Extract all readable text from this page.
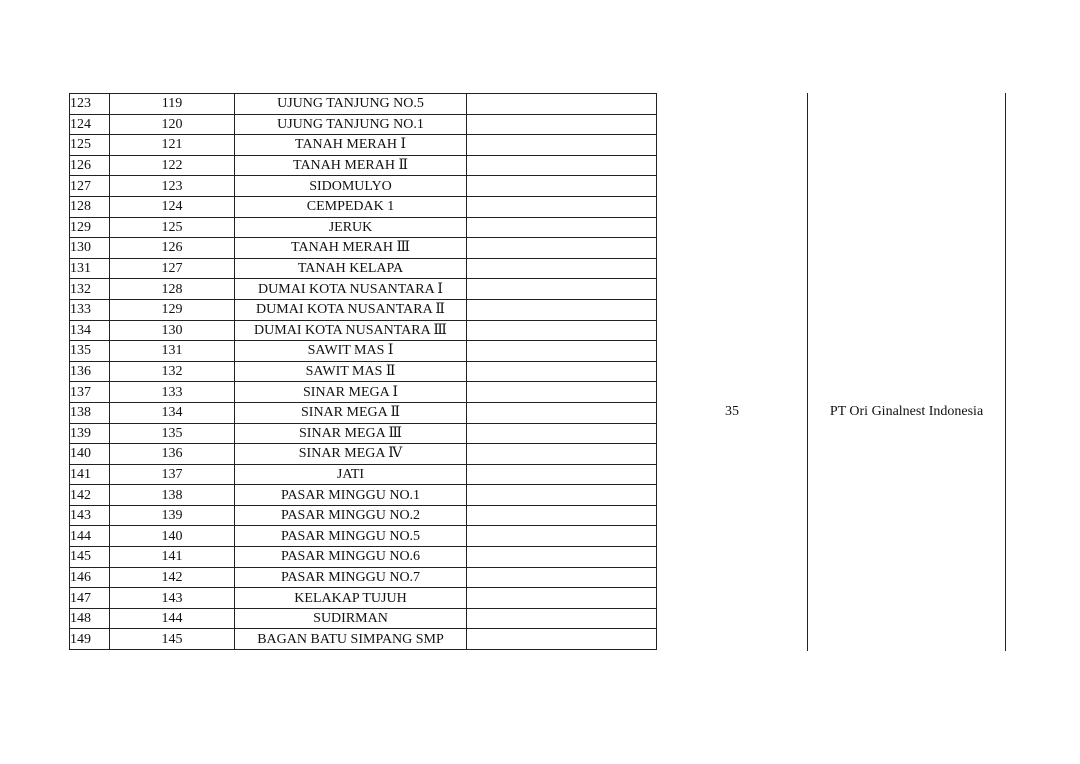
123	119	UJUNG TANJUNG NO.5	
124	120	UJUNG TANJUNG NO.1	
125	121	TANAH MERAH Ⅰ	
126	122	TANAH MERAH Ⅱ	
127	123	SIDOMULYO	
128	124	CEMPEDAK 1	
129	125	JERUK	
130	126	TANAH MERAH Ⅲ	
131	127	TANAH KELAPA	
132	128	DUMAI KOTA NUSANTARA Ⅰ	
133	129	DUMAI KOTA NUSANTARA Ⅱ	
134	130	DUMAI KOTA NUSANTARA Ⅲ	
135	131	SAWIT MAS Ⅰ	
136	132	SAWIT MAS Ⅱ	
137	133	SINAR MEGA Ⅰ	
138	134	SINAR MEGA Ⅱ	
139	135	SINAR MEGA Ⅲ	
140	136	SINAR MEGA Ⅳ	
141	137	JATI	
142	138	PASAR MINGGU NO.1	
143	139	PASAR MINGGU NO.2	
144	140	PASAR MINGGU NO.5	
145	141	PASAR MINGGU NO.6	
146	142	PASAR MINGGU NO.7	
147	143	KELAKAP TUJUH	
148	144	SUDIRMAN	
149	145	BAGAN BATU SIMPANG SMP	
35	PT Ori Ginalnest Indonesia
